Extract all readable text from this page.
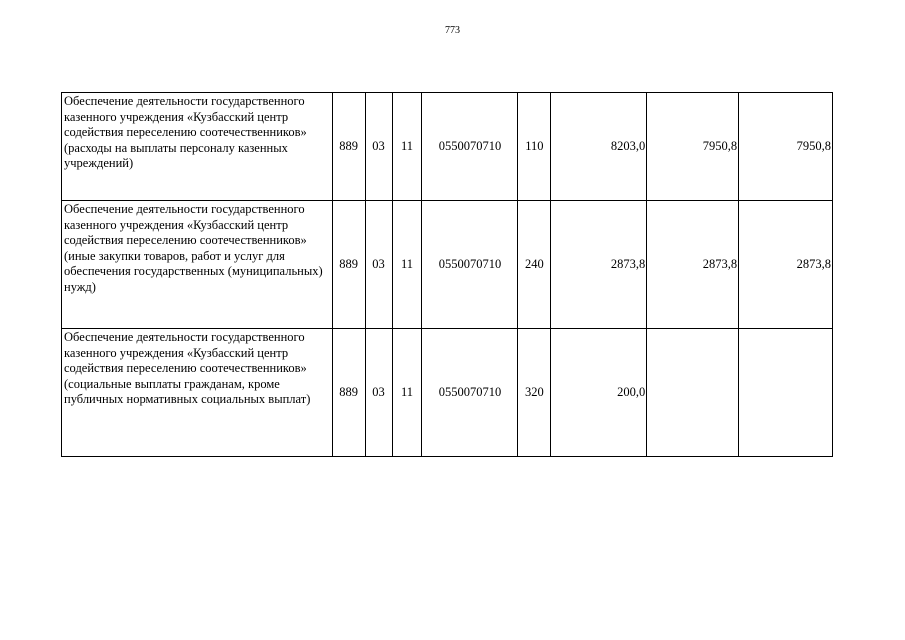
773
Обеспечение деятельности государственного казенного учреждения «Кузбасский центр содействия переселению соотечественников» (расходы на выплаты персоналу казенных учреждений)	889	03	11	0550070710	110	8203,0	7950,8	7950,8
Обеспечение деятельности государственного казенного учреждения «Кузбасский центр содействия переселению соотечественников» (иные закупки товаров, работ и услуг для обеспечения государственных (муниципальных) нужд)	889	03	11	0550070710	240	2873,8	2873,8	2873,8
Обеспечение деятельности государственного казенного учреждения «Кузбасский центр содействия переселению соотечественников» (социальные выплаты гражданам, кроме публичных нормативных социальных выплат)	889	03	11	0550070710	320	200,0		
